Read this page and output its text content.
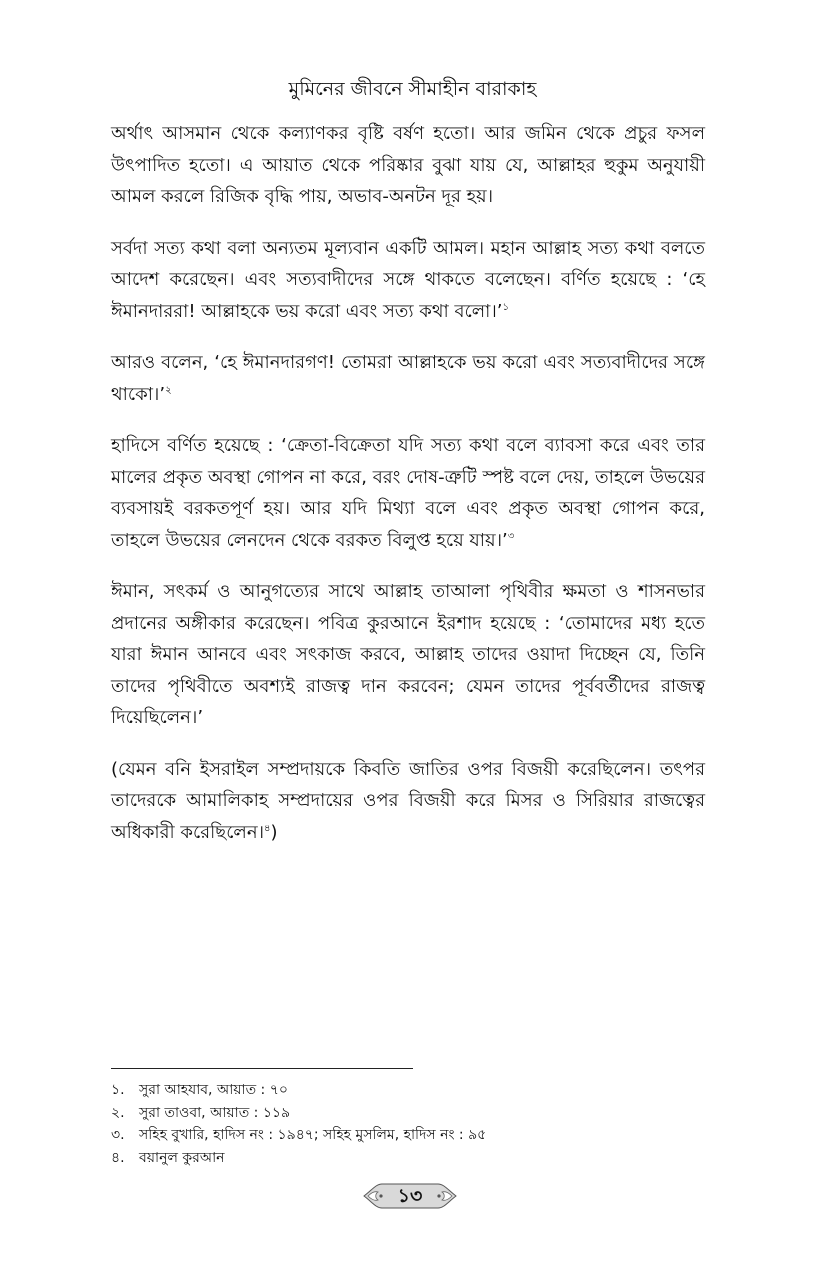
মুমিনের জীবনে সীমাহীন বারাকাহ

অর্থাৎ আসমান থেকে কল্যাণকর বৃষ্টি বর্ষণ হতো। আর জমিন থেকে প্রচুর ফসল উৎপাদিত হতো। এ আয়াত থেকে পরিষ্কার বুঝা যায় যে, আল্লাহর হুকুম অনুযায়ী আমল করলে রিজিক বৃদ্ধি পায়, অভাব-অনটন দূর হয়।

সর্বদা সত্য কথা বলা অন্যতম মূল্যবান একটি আমল। মহান আল্লাহ সত্য কথা বলতে আদেশ করেছেন। এবং সত্যবাদীদের সঙ্গে থাকতে বলেছেন। বর্ণিত হয়েছে : ‘হে ঈমানদাররা! আল্লাহকে ভয় করো এবং সত্য কথা বলো।’$^১$

আরও বলেন, ‘হে ঈমানদারগণ! তোমরা আল্লাহকে ভয় করো এবং সত্যবাদীদের সঙ্গে থাকো।’$^২$

হাদিসে বর্ণিত হয়েছে : ‘ক্রেতা-বিক্রেতা যদি সত্য কথা বলে ব্যাবসা করে এবং তার মালের প্রকৃত অবস্থা গোপন না করে, বরং দোষ-ত্রুটি স্পষ্ট বলে দেয়, তাহলে উভয়ের ব্যবসায়ই বরকতপূর্ণ হয়। আর যদি মিথ্যা বলে এবং প্রকৃত অবস্থা গোপন করে, তাহলে উভয়ের লেনদেন থেকে বরকত বিলুপ্ত হয়ে যায়।’$^৩$

ঈমান, সৎকর্ম ও আনুগত্যের সাথে আল্লাহ তাআলা পৃথিবীর ক্ষমতা ও শাসনভার প্রদানের অঙ্গীকার করেছেন। পবিত্র কুরআনে ইরশাদ হয়েছে : ‘তোমাদের মধ্য হতে যারা ঈমান আনবে এবং সৎকাজ করবে, আল্লাহ তাদের ওয়াদা দিচ্ছেন যে, তিনি তাদের পৃথিবীতে অবশ্যই রাজত্ব দান করবেন; যেমন তাদের পূর্ববর্তীদের রাজত্ব দিয়েছিলেন।’

(যেমন বনি ইসরাইল সম্প্রদায়কে কিবতি জাতির ওপর বিজয়ী করেছিলেন। তৎপর তাদেরকে আমালিকাহ সম্প্রদায়ের ওপর বিজয়ী করে মিসর ও সিরিয়ার রাজত্বের অধিকারী করেছিলেন।$^৪$)

১.	সুরা আহযাব, আয়াত : ৭০
২.	সুরা তাওবা, আয়াত : ১১৯
৩.	সহিহ বুখারি, হাদিস নং : ১৯৪৭; সহিহ মুসলিম, হাদিস নং : ৯৫
৪.	বয়ানুল কুরআন
১৩
